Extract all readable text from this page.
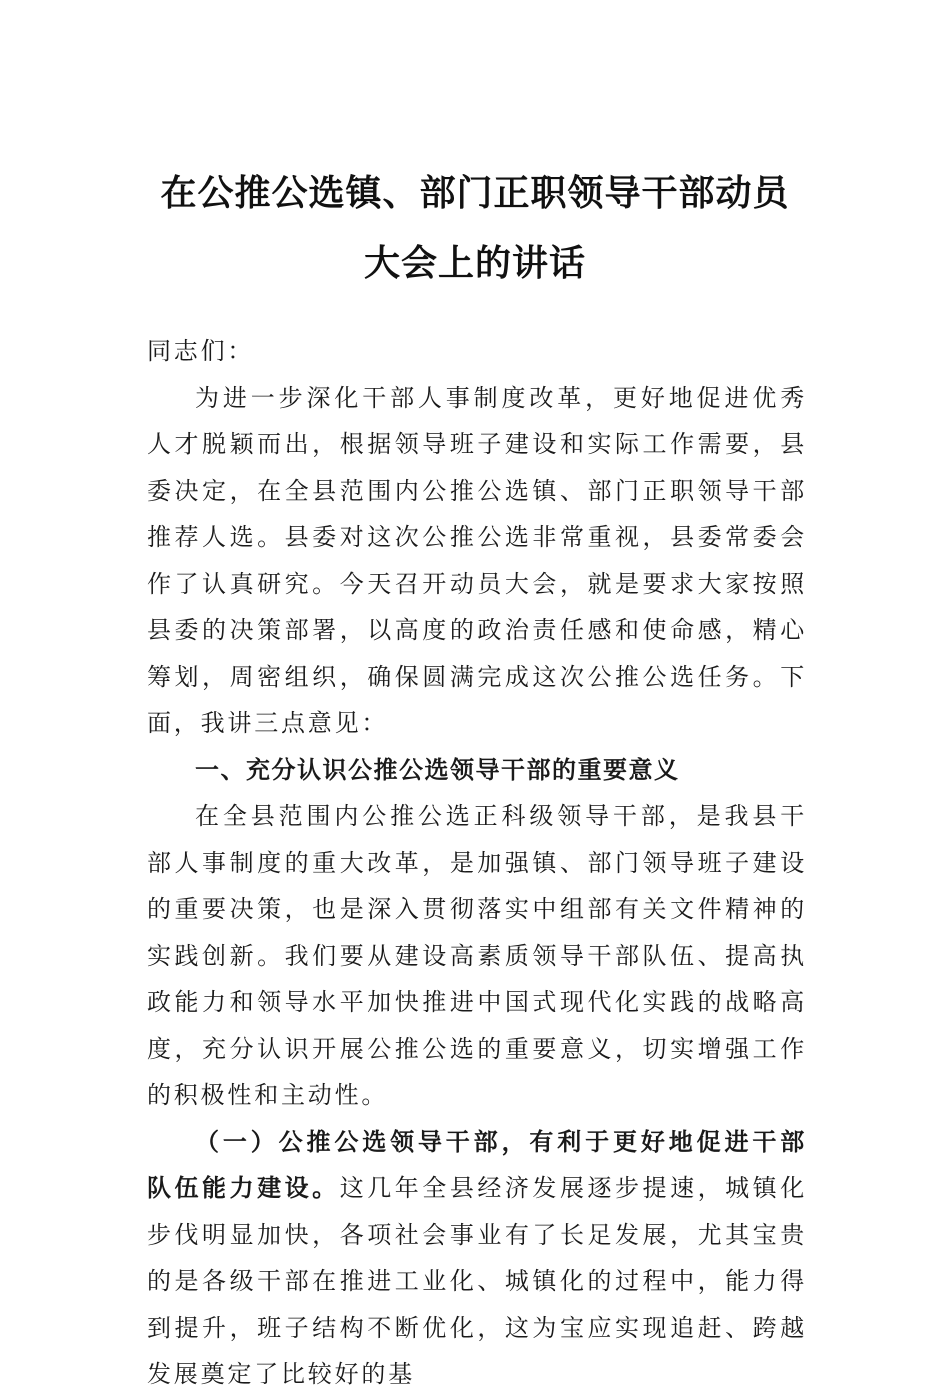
在公推公选镇、部门正职领导干部动员大会上的讲话

同志们：

为进一步深化干部人事制度改革，更好地促进优秀人才脱颖而出，根据领导班子建设和实际工作需要，县委决定，在全县范围内公推公选镇、部门正职领导干部推荐人选。县委对这次公推公选非常重视，县委常委会作了认真研究。今天召开动员大会，就是要求大家按照县委的决策部署，以高度的政治责任感和使命感，精心筹划，周密组织，确保圆满完成这次公推公选任务。下面，我讲三点意见：

一、充分认识公推公选领导干部的重要意义

在全县范围内公推公选正科级领导干部，是我县干部人事制度的重大改革，是加强镇、部门领导班子建设的重要决策，也是深入贯彻落实中组部有关文件精神的实践创新。我们要从建设高素质领导干部队伍、提高执政能力和领导水平加快推进中国式现代化实践的战略高度，充分认识开展公推公选的重要意义，切实增强工作的积极性和主动性。

（一）公推公选领导干部，有利于更好地促进干部队伍能力建设。这几年全县经济发展逐步提速，城镇化步伐明显加快，各项社会事业有了长足发展，尤其宝贵的是各级干部在推进工业化、城镇化的过程中，能力得到提升，班子结构不断优化，这为宝应实现追赶、跨越发展奠定了比较好的基
